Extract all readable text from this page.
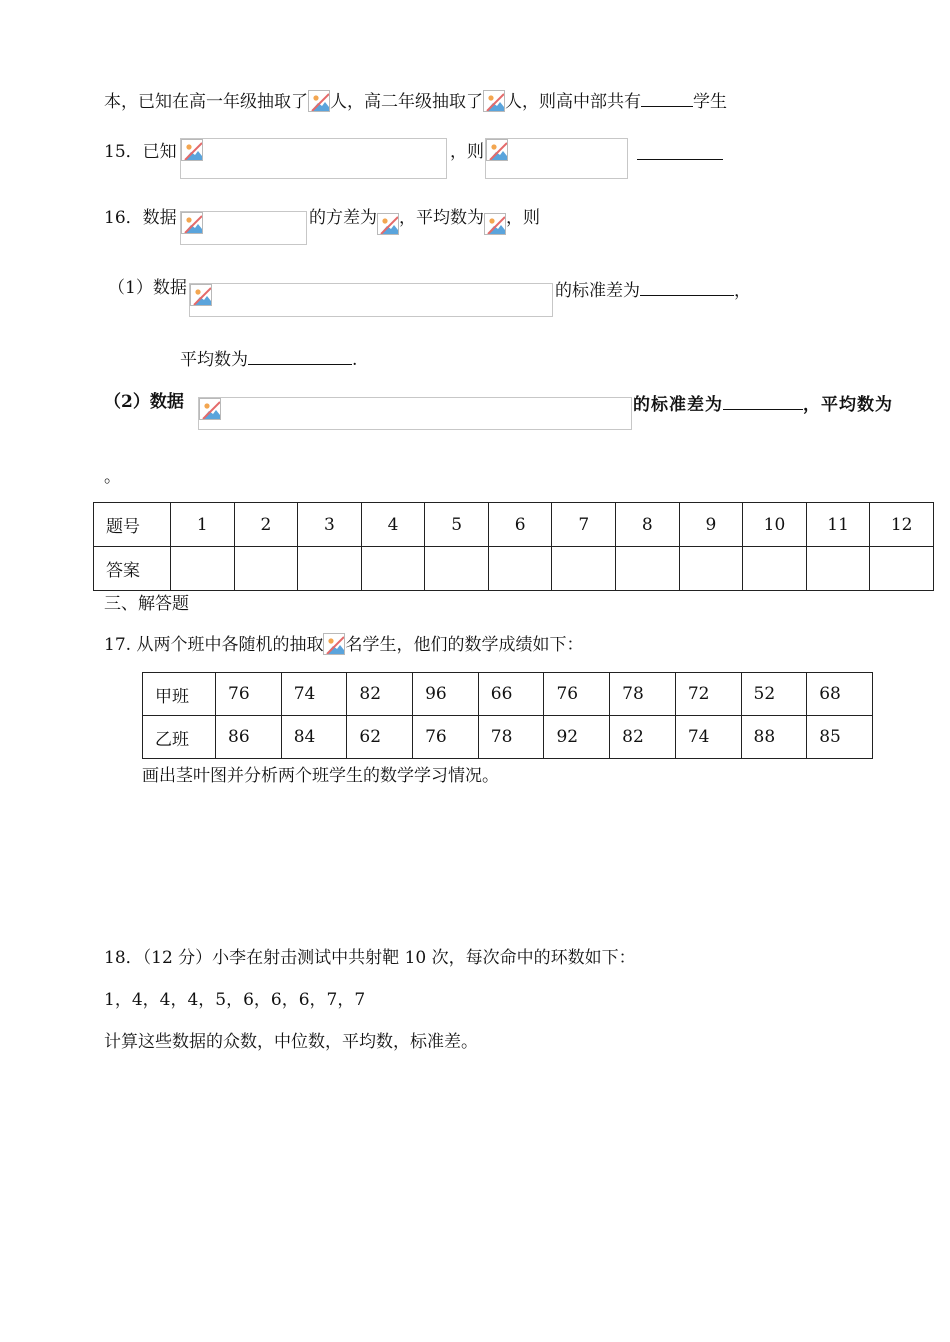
本，已知在高一年级抽取了 人，高二年级抽取了 人，则高中部共有	学生
15．已知	，则
16．数据	的方差为 ，平均数为 ，则
（1）数据	的标准差为	，
平均数为	.
（2）数据	的标准差为	，平均数为
。
题号	1	2	3	4	5	6	7	8	9	10	11	12
答案												
三、解答题
17. 从两个班中各随机的抽取 名学生，他们的数学成绩如下：
甲班	76	74	82	96	66	76	78	72	52	68
乙班	86	84	62	76	78	92	82	74	88	85
画出茎叶图并分析两个班学生的数学学习情况。
18．（12 分）小李在射击测试中共射靶 10 次，每次命中的环数如下：
1，4，4，4，5，6，6，6，7，7
计算这些数据的众数，中位数，平均数，标准差。
